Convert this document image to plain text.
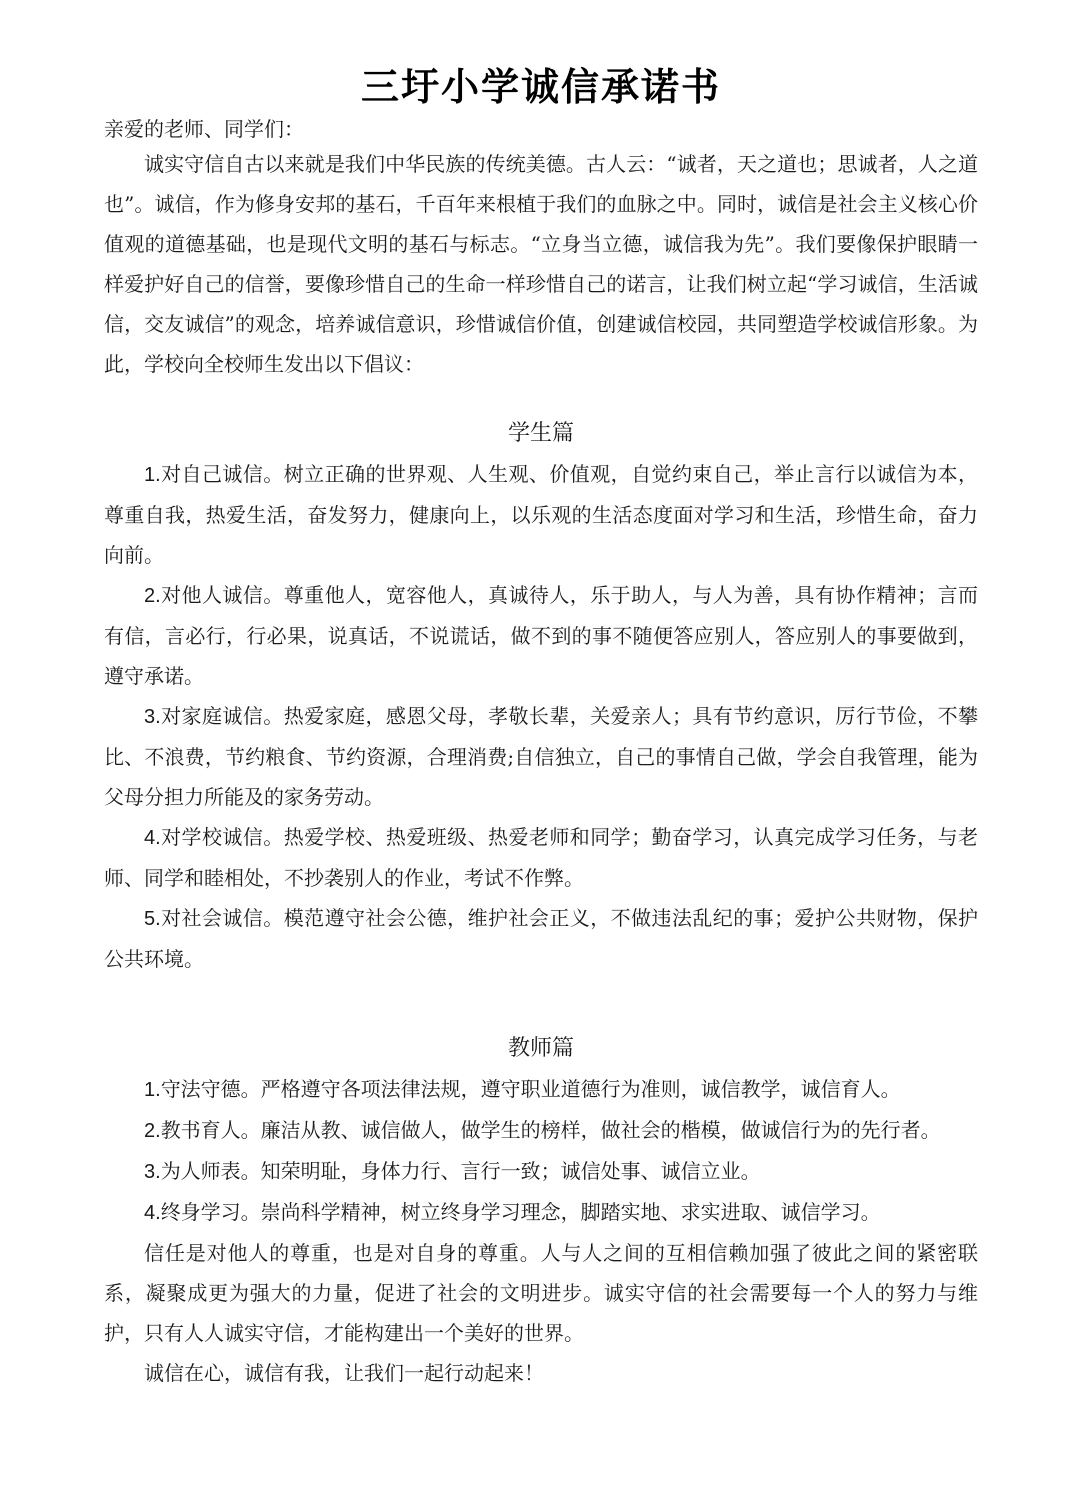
三圩小学诚信承诺书

亲爱的老师、同学们：

诚实守信自古以来就是我们中华民族的传统美德。古人云：“诚者，天之道也；思诚者，人之道也”。诚信，作为修身安邦的基石，千百年来根植于我们的血脉之中。同时，诚信是社会主义核心价值观的道德基础，也是现代文明的基石与标志。“立身当立德，诚信我为先”。我们要像保护眼睛一样爱护好自己的信誉，要像珍惜自己的生命一样珍惜自己的诺言，让我们树立起“学习诚信，生活诚信，交友诚信”的观念，培养诚信意识，珍惜诚信价值，创建诚信校园，共同塑造学校诚信形象。为此，学校向全校师生发出以下倡议：

学生篇

1.对自己诚信。树立正确的世界观、人生观、价值观，自觉约束自己，举止言行以诚信为本，尊重自我，热爱生活，奋发努力，健康向上，以乐观的生活态度面对学习和生活，珍惜生命，奋力向前。

2.对他人诚信。尊重他人，宽容他人，真诚待人，乐于助人，与人为善，具有协作精神；言而有信，言必行，行必果，说真话，不说谎话，做不到的事不随便答应别人，答应别人的事要做到，遵守承诺。

3.对家庭诚信。热爱家庭，感恩父母，孝敬长辈，关爱亲人；具有节约意识，厉行节俭，不攀比、不浪费，节约粮食、节约资源，合理消费;自信独立，自己的事情自己做，学会自我管理，能为父母分担力所能及的家务劳动。

4.对学校诚信。热爱学校、热爱班级、热爱老师和同学；勤奋学习，认真完成学习任务，与老师、同学和睦相处，不抄袭别人的作业，考试不作弊。

5.对社会诚信。模范遵守社会公德，维护社会正义，不做违法乱纪的事；爱护公共财物，保护公共环境。

教师篇

1.守法守德。严格遵守各项法律法规，遵守职业道德行为准则，诚信教学，诚信育人。

2.教书育人。廉洁从教、诚信做人，做学生的榜样，做社会的楷模，做诚信行为的先行者。

3.为人师表。知荣明耻，身体力行、言行一致；诚信处事、诚信立业。

4.终身学习。崇尚科学精神，树立终身学习理念，脚踏实地、求实进取、诚信学习。

信任是对他人的尊重，也是对自身的尊重。人与人之间的互相信赖加强了彼此之间的紧密联系，凝聚成更为强大的力量，促进了社会的文明进步。诚实守信的社会需要每一个人的努力与维护，只有人人诚实守信，才能构建出一个美好的世界。

诚信在心，诚信有我，让我们一起行动起来！
